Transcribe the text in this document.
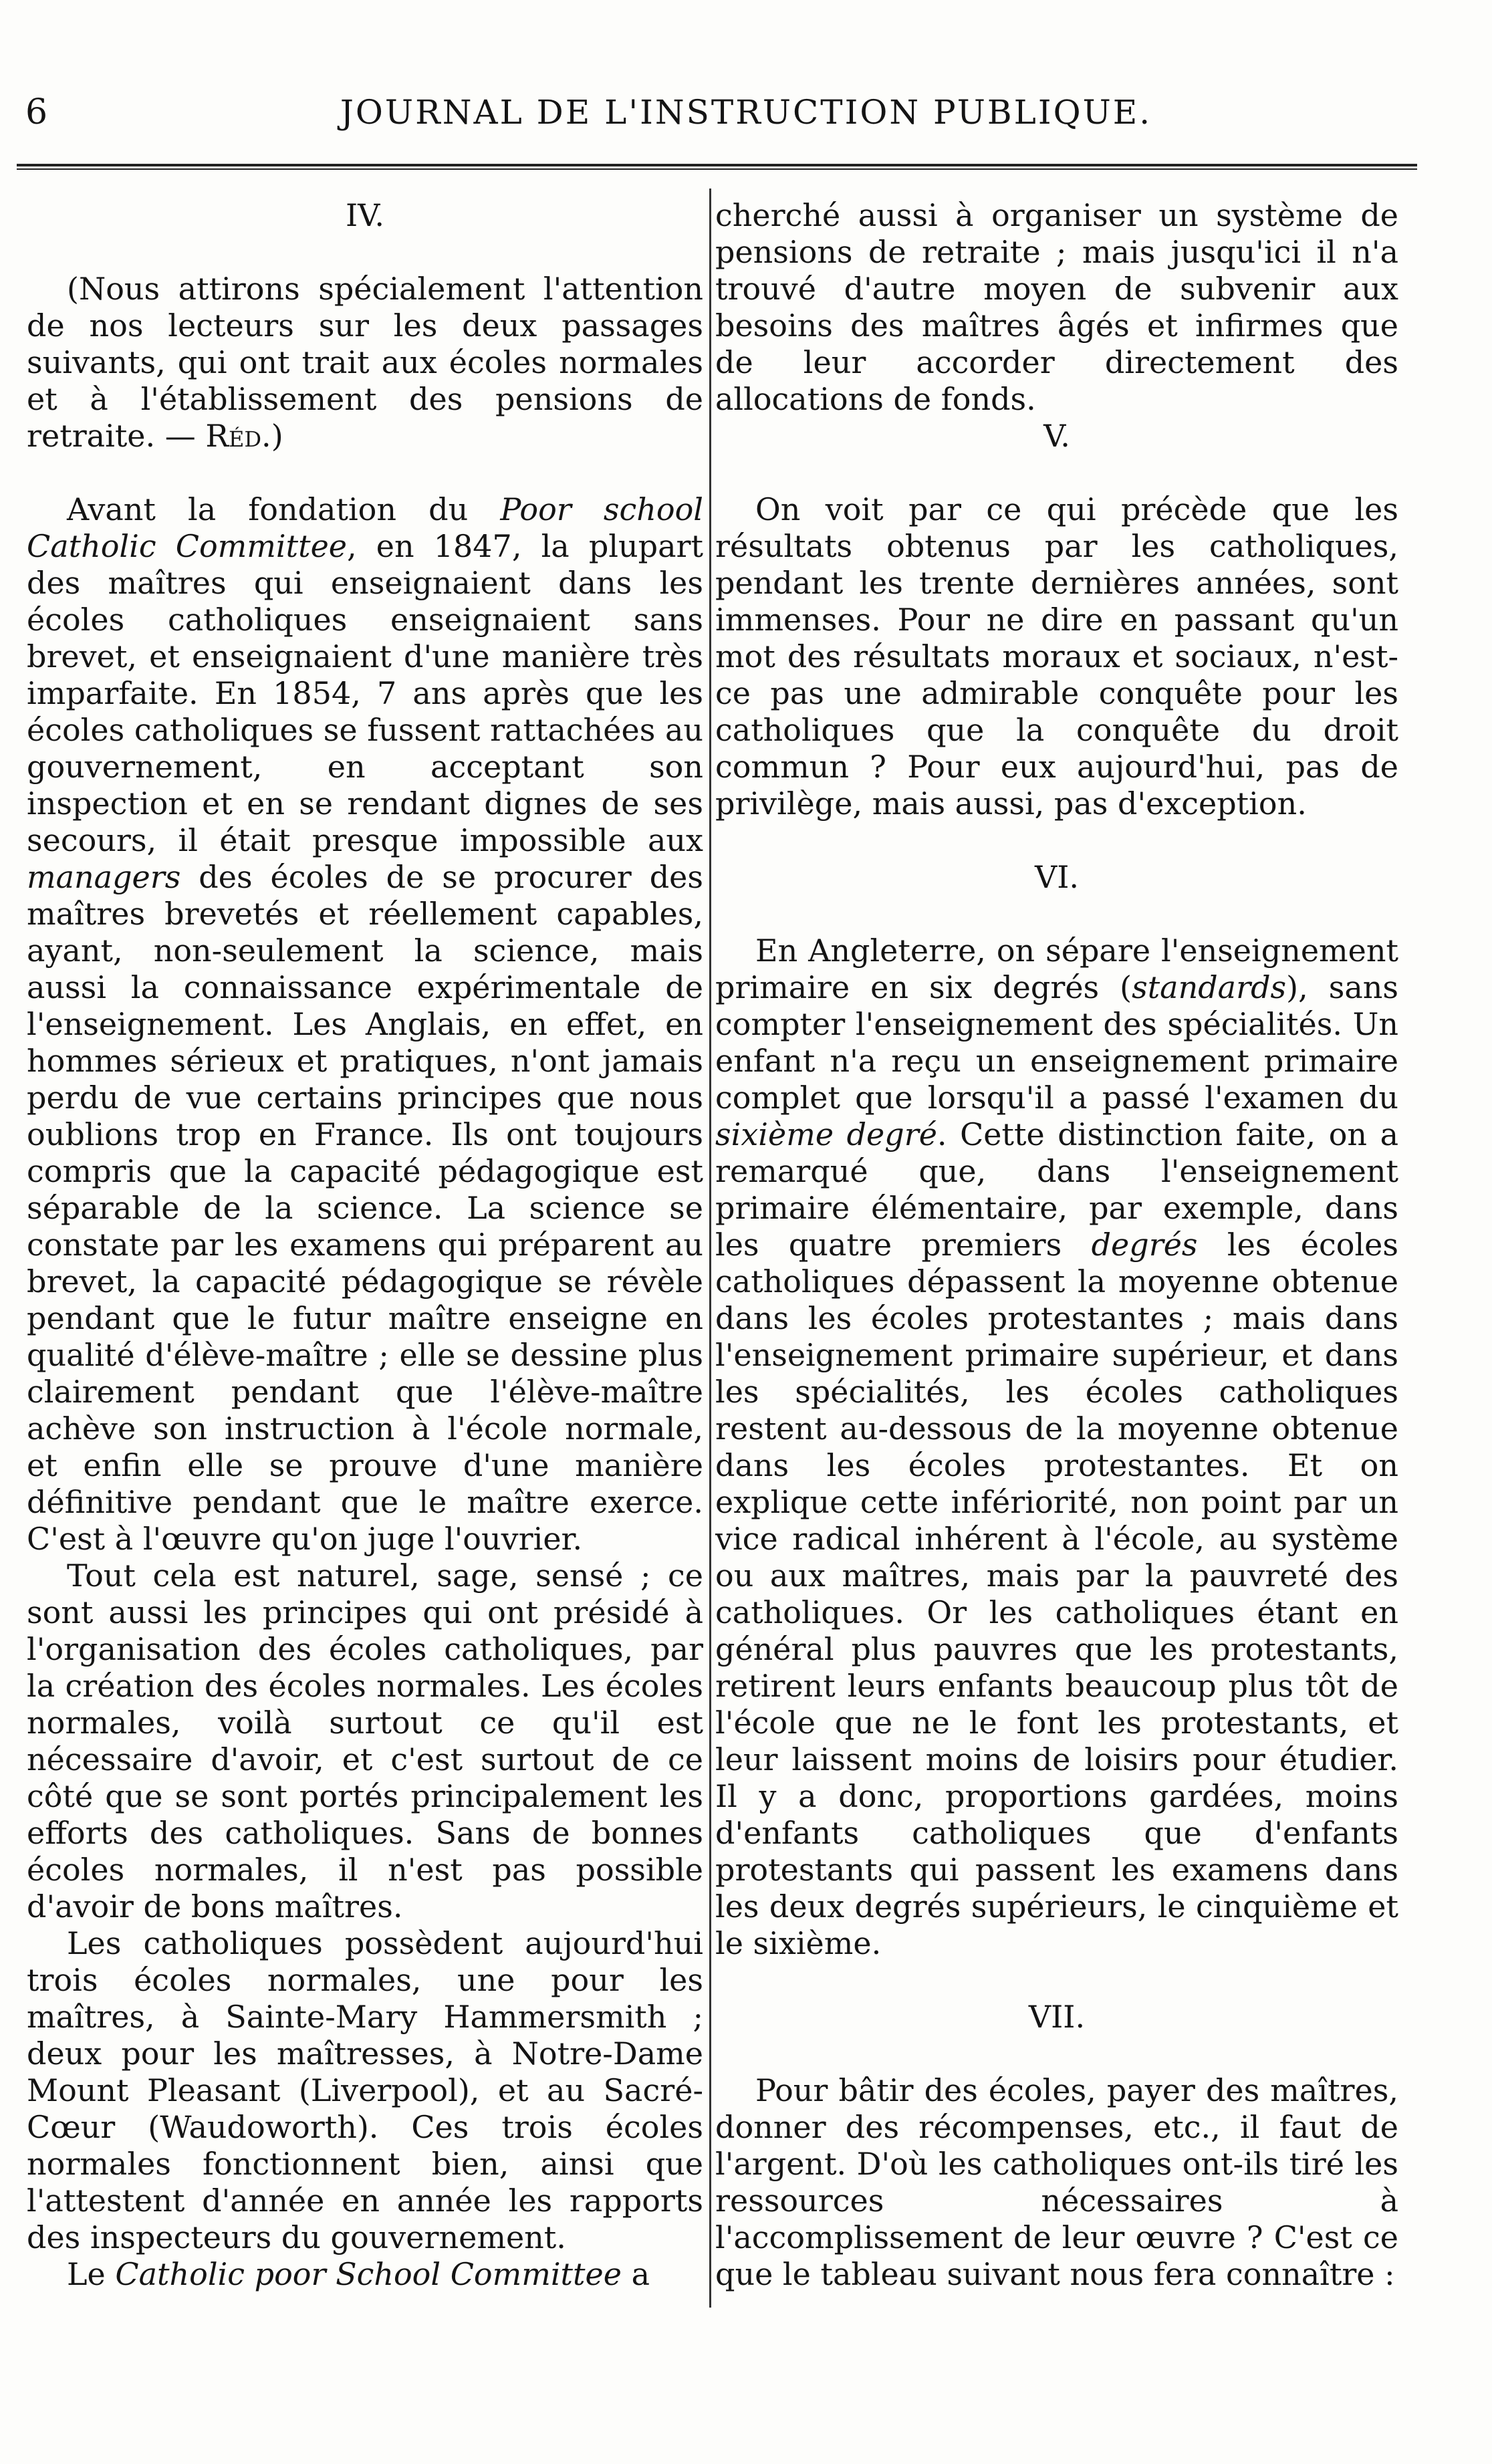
6	JOURNAL DE L'INSTRUCTION PUBLIQUE.
IV.

(Nous attirons spécialement l'attention de nos lecteurs sur les deux passages suivants, qui ont trait aux écoles normales et à l'établissement des pensions de retraite. — Réd.)

Avant la fondation du Poor school Catholic Committee, en 1847, la plupart des maîtres qui enseignaient dans les écoles catholiques enseignaient sans brevet, et enseignaient d'une manière très imparfaite. En 1854, 7 ans après que les écoles catholiques se fussent rattachées au gouvernement, en acceptant son inspection et en se rendant dignes de ses secours, il était presque impossible aux managers des écoles de se procurer des maîtres brevetés et réellement capables, ayant, non-seulement la science, mais aussi la connaissance expérimentale de l'enseignement. Les Anglais, en effet, en hommes sérieux et pratiques, n'ont jamais perdu de vue certains principes que nous oublions trop en France. Ils ont toujours compris que la capacité pédagogique est séparable de la science. La science se constate par les examens qui préparent au brevet, la capacité pédagogique se révèle pendant que le futur maître enseigne en qualité d'élève-maître ; elle se dessine plus clairement pendant que l'élève-maître achève son instruction à l'école normale, et enfin elle se prouve d'une manière définitive pendant que le maître exerce. C'est à l'œuvre qu'on juge l'ouvrier.

Tout cela est naturel, sage, sensé ; ce sont aussi les principes qui ont présidé à l'organisation des écoles catholiques, par la création des écoles normales. Les écoles normales, voilà surtout ce qu'il est nécessaire d'avoir, et c'est surtout de ce côté que se sont portés principalement les efforts des catholiques. Sans de bonnes écoles normales, il n'est pas possible d'avoir de bons maîtres.

Les catholiques possèdent aujourd'hui trois écoles normales, une pour les maîtres, à Sainte-Mary Hammersmith ; deux pour les maîtresses, à Notre-Dame Mount Pleasant (Liverpool), et au Sacré-Cœur (Waudoworth). Ces trois écoles normales fonctionnent bien, ainsi que l'attestent d'année en année les rapports des inspecteurs du gouvernement.

Le Catholic poor School Committee a

cherché aussi à organiser un système de pensions de retraite ; mais jusqu'ici il n'a trouvé d'autre moyen de subvenir aux besoins des maîtres âgés et infirmes que de leur accorder directement des allocations de fonds.

V.

On voit par ce qui précède que les résultats obtenus par les catholiques, pendant les trente dernières années, sont immenses. Pour ne dire en passant qu'un mot des résultats moraux et sociaux, n'est-ce pas une admirable conquête pour les catholiques que la conquête du droit commun ? Pour eux aujourd'hui, pas de privilège, mais aussi, pas d'exception.

VI.

En Angleterre, on sépare l'enseignement primaire en six degrés (standards), sans compter l'enseignement des spécialités. Un enfant n'a reçu un enseignement primaire complet que lorsqu'il a passé l'examen du sixième degré. Cette distinction faite, on a remarqué que, dans l'enseignement primaire élémentaire, par exemple, dans les quatre premiers degrés les écoles catholiques dépassent la moyenne obtenue dans les écoles protestantes ; mais dans l'enseignement primaire supérieur, et dans les spécialités, les écoles catholiques restent au-dessous de la moyenne obtenue dans les écoles protestantes. Et on explique cette infériorité, non point par un vice radical inhérent à l'école, au système ou aux maîtres, mais par la pauvreté des catholiques. Or les catholiques étant en général plus pauvres que les protestants, retirent leurs enfants beaucoup plus tôt de l'école que ne le font les protestants, et leur laissent moins de loisirs pour étudier. Il y a donc, proportions gardées, moins d'enfants catholiques que d'enfants protestants qui passent les examens dans les deux degrés supérieurs, le cinquième et le sixième.

VII.

Pour bâtir des écoles, payer des maîtres, donner des récompenses, etc., il faut de l'argent. D'où les catholiques ont-ils tiré les ressources nécessaires à l'accomplissement de leur œuvre ? C'est ce que le tableau suivant nous fera connaître :
